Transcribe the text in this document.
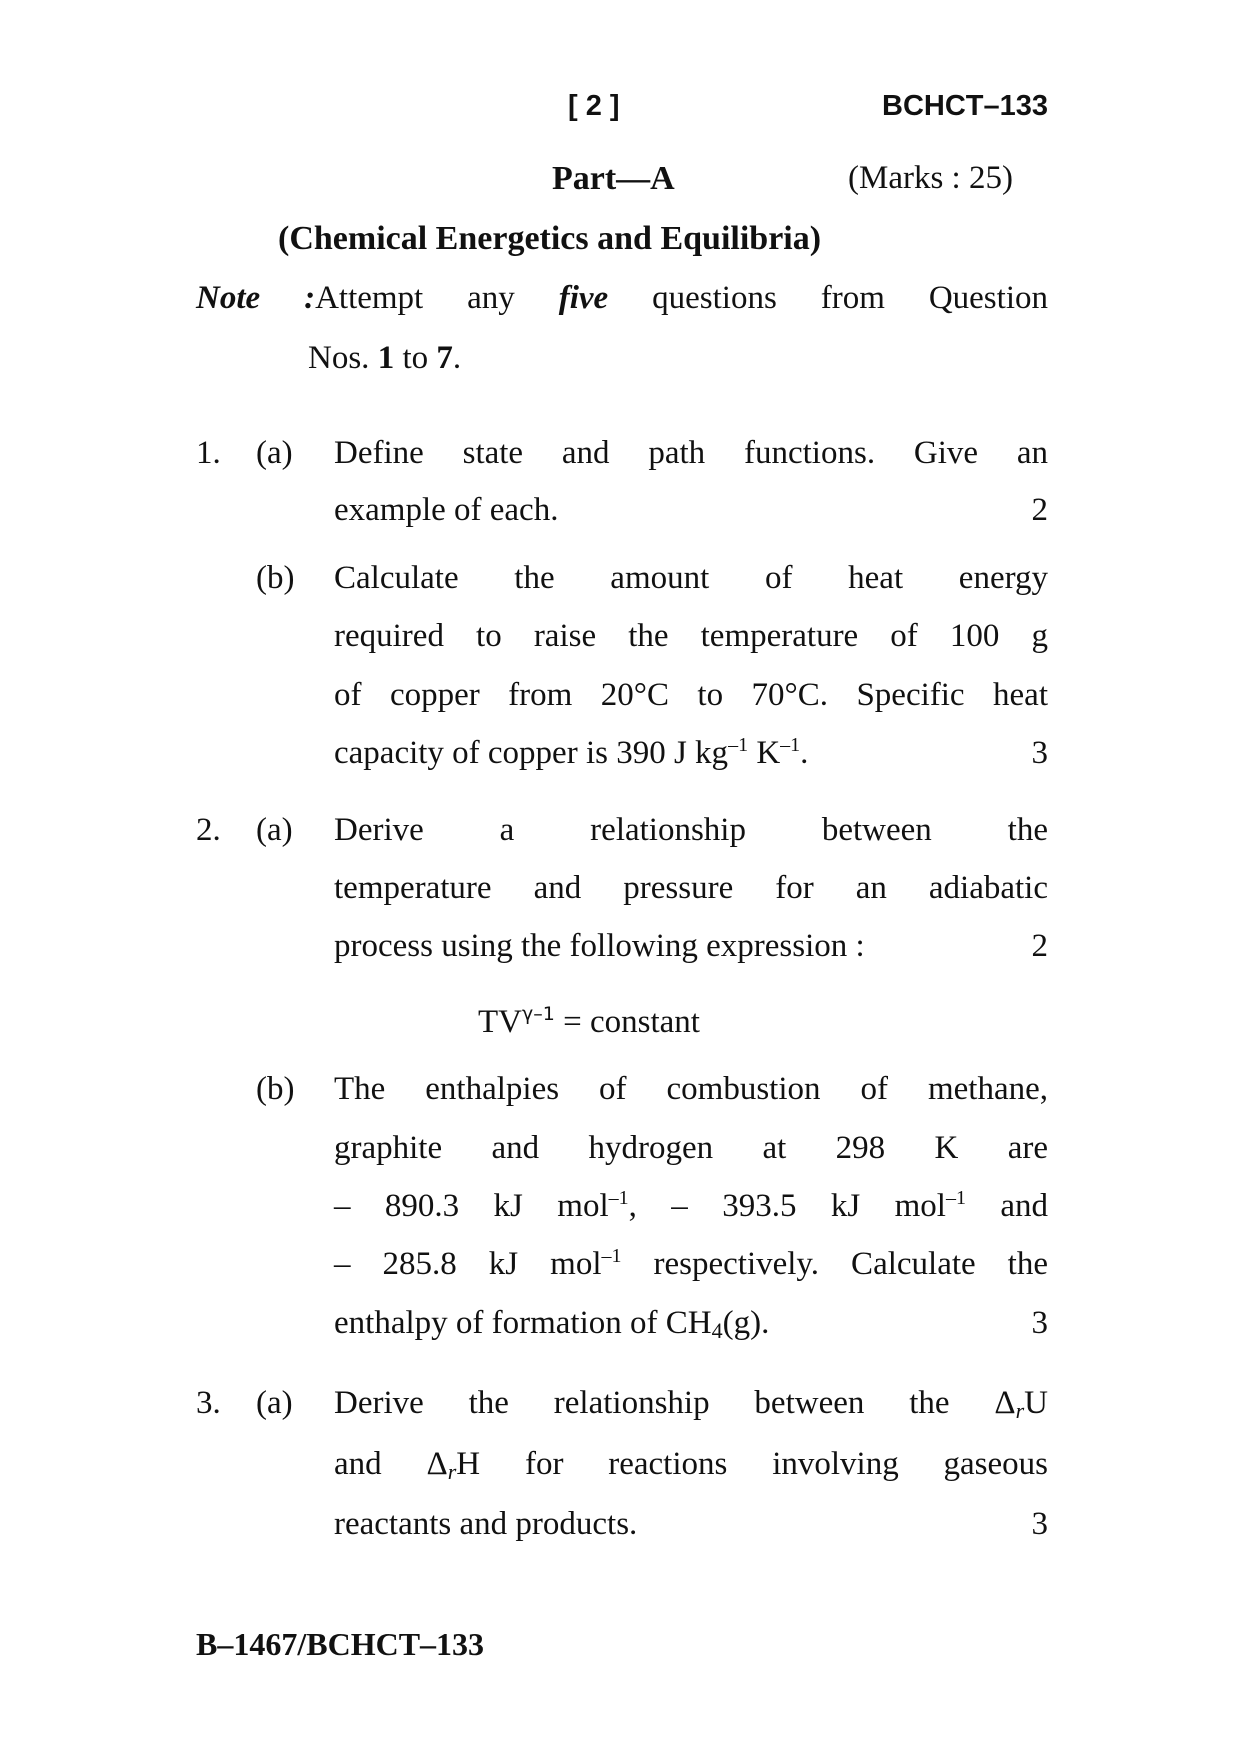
[ 2 ]	BCHCT–133
Part—A	(Marks : 25)
(Chemical Energetics and Equilibria)
Note :Attempt any five questions from Question
Nos. 1 to 7.
1. (a) Define state and path functions. Give an
example of each.	2
(b) Calculate the amount of heat energy
required to raise the temperature of 100 g
of copper from 20°C to 70°C. Specific heat
capacity of copper is 390 J $kg^{-1}$ $K^{-1}$.	3
2. (a) Derive a relationship between the
temperature and pressure for an adiabatic
process using the following expression :	2
$TV^{\gamma-1}$ = constant
(b) The enthalpies of combustion of methane,
graphite and hydrogen at 298 K are
– 890.3 kJ mol$^{-1}$, – 393.5 kJ mol$^{-1}$ and
– 285.8 kJ mol$^{-1}$ respectively. Calculate the
enthalpy of formation of $CH_4(g)$.	3
3. (a) Derive the relationship between the $\Delta_rU$
and $\Delta_rH$ for reactions involving gaseous
reactants and products.	3
B–1467/BCHCT–133
